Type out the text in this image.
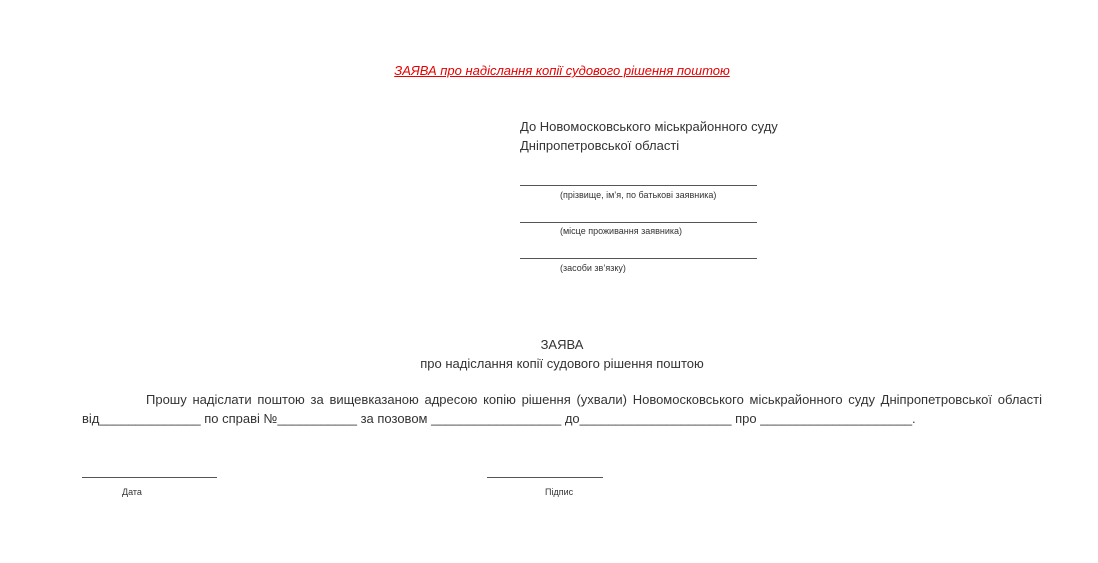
ЗАЯВА про надіслання копії судового рішення поштою
До Новомосковського міськрайонного суду
Дніпропетровської області
(прізвище, ім’я, по батькові заявника)
(місце проживання заявника)
(засоби зв’язку)
ЗАЯВА
про надіслання копії судового рішення поштою

Прошу надіслати поштою за вищевказаною адресою копію рішення (ухвали) Новомосковського міськрайонного суду Дніпропетровської області

від______________ по справі №___________ за позовом __________________ до_____________________ про _____________________.
Дата	Підпис
